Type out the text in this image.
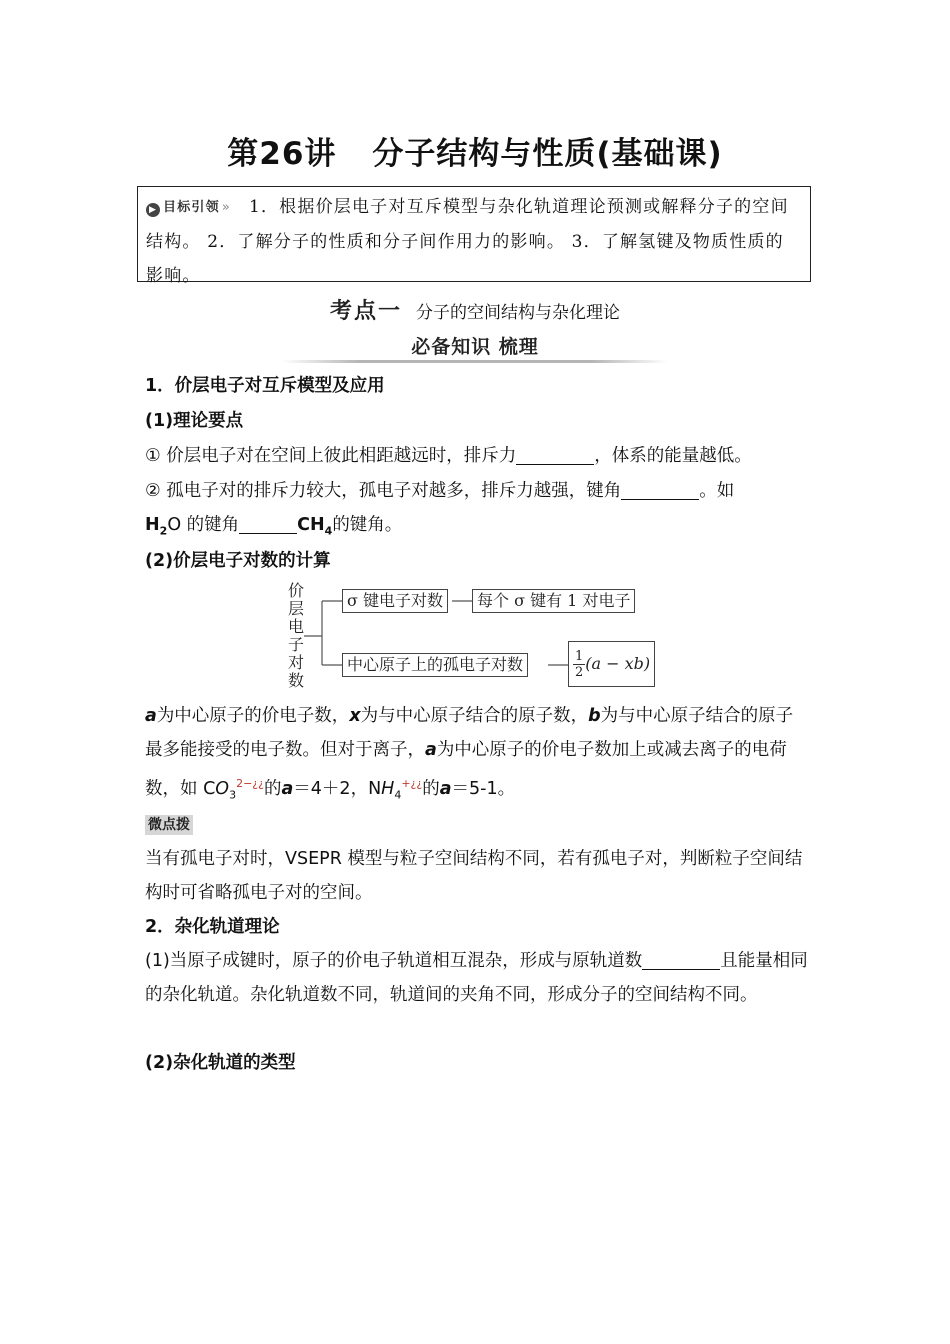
第26讲 分子结构与性质(基础课)
▶ 目标引领 » 1．根据价层电子对互斥模型与杂化轨道理论预测或解释分子的空间结构。 2．了解分子的性质和分子间作用力的影响。 3．了解氢键及物质性质的影响。
考点一 分子的空间结构与杂化理论
必备知识 梳理
1．价层电子对互斥模型及应用
(1)理论要点
① 价层电子对在空间上彼此相距越远时，排斥力	，体系的能量越低。
② 孤电子对的排斥力较大，孤电子对越多，排斥力越强，键角	。如
$H_2O$ 的键角	$CH_4$的键角。
(2)价层电子对数的计算
价层电子对数
σ 键电子对数	每个 σ 键有 1 对电子
中心原子上的孤电子对数	$\frac{1}{2} (a - xb)$
a为中心原子的价电子数，x为与中心原子结合的原子数，b为与中心原子结合的原子最多能接受的电子数。但对于离子，a为中心原子的价电子数加上或减去离子的电荷数，如 $CO_3^{2-¿¿}$的a＝4＋2，$NH_4^{+¿¿}$的a＝5-1。
微点拨
当有孤电子对时，VSEPR 模型与粒子空间结构不同，若有孤电子对，判断粒子空间结构时可省略孤电子对的空间。
2．杂化轨道理论
(1)当原子成键时，原子的价电子轨道相互混杂，形成与原轨道数	且能量相同的杂化轨道。杂化轨道数不同，轨道间的夹角不同，形成分子的空间结构不同。
(2)杂化轨道的类型
